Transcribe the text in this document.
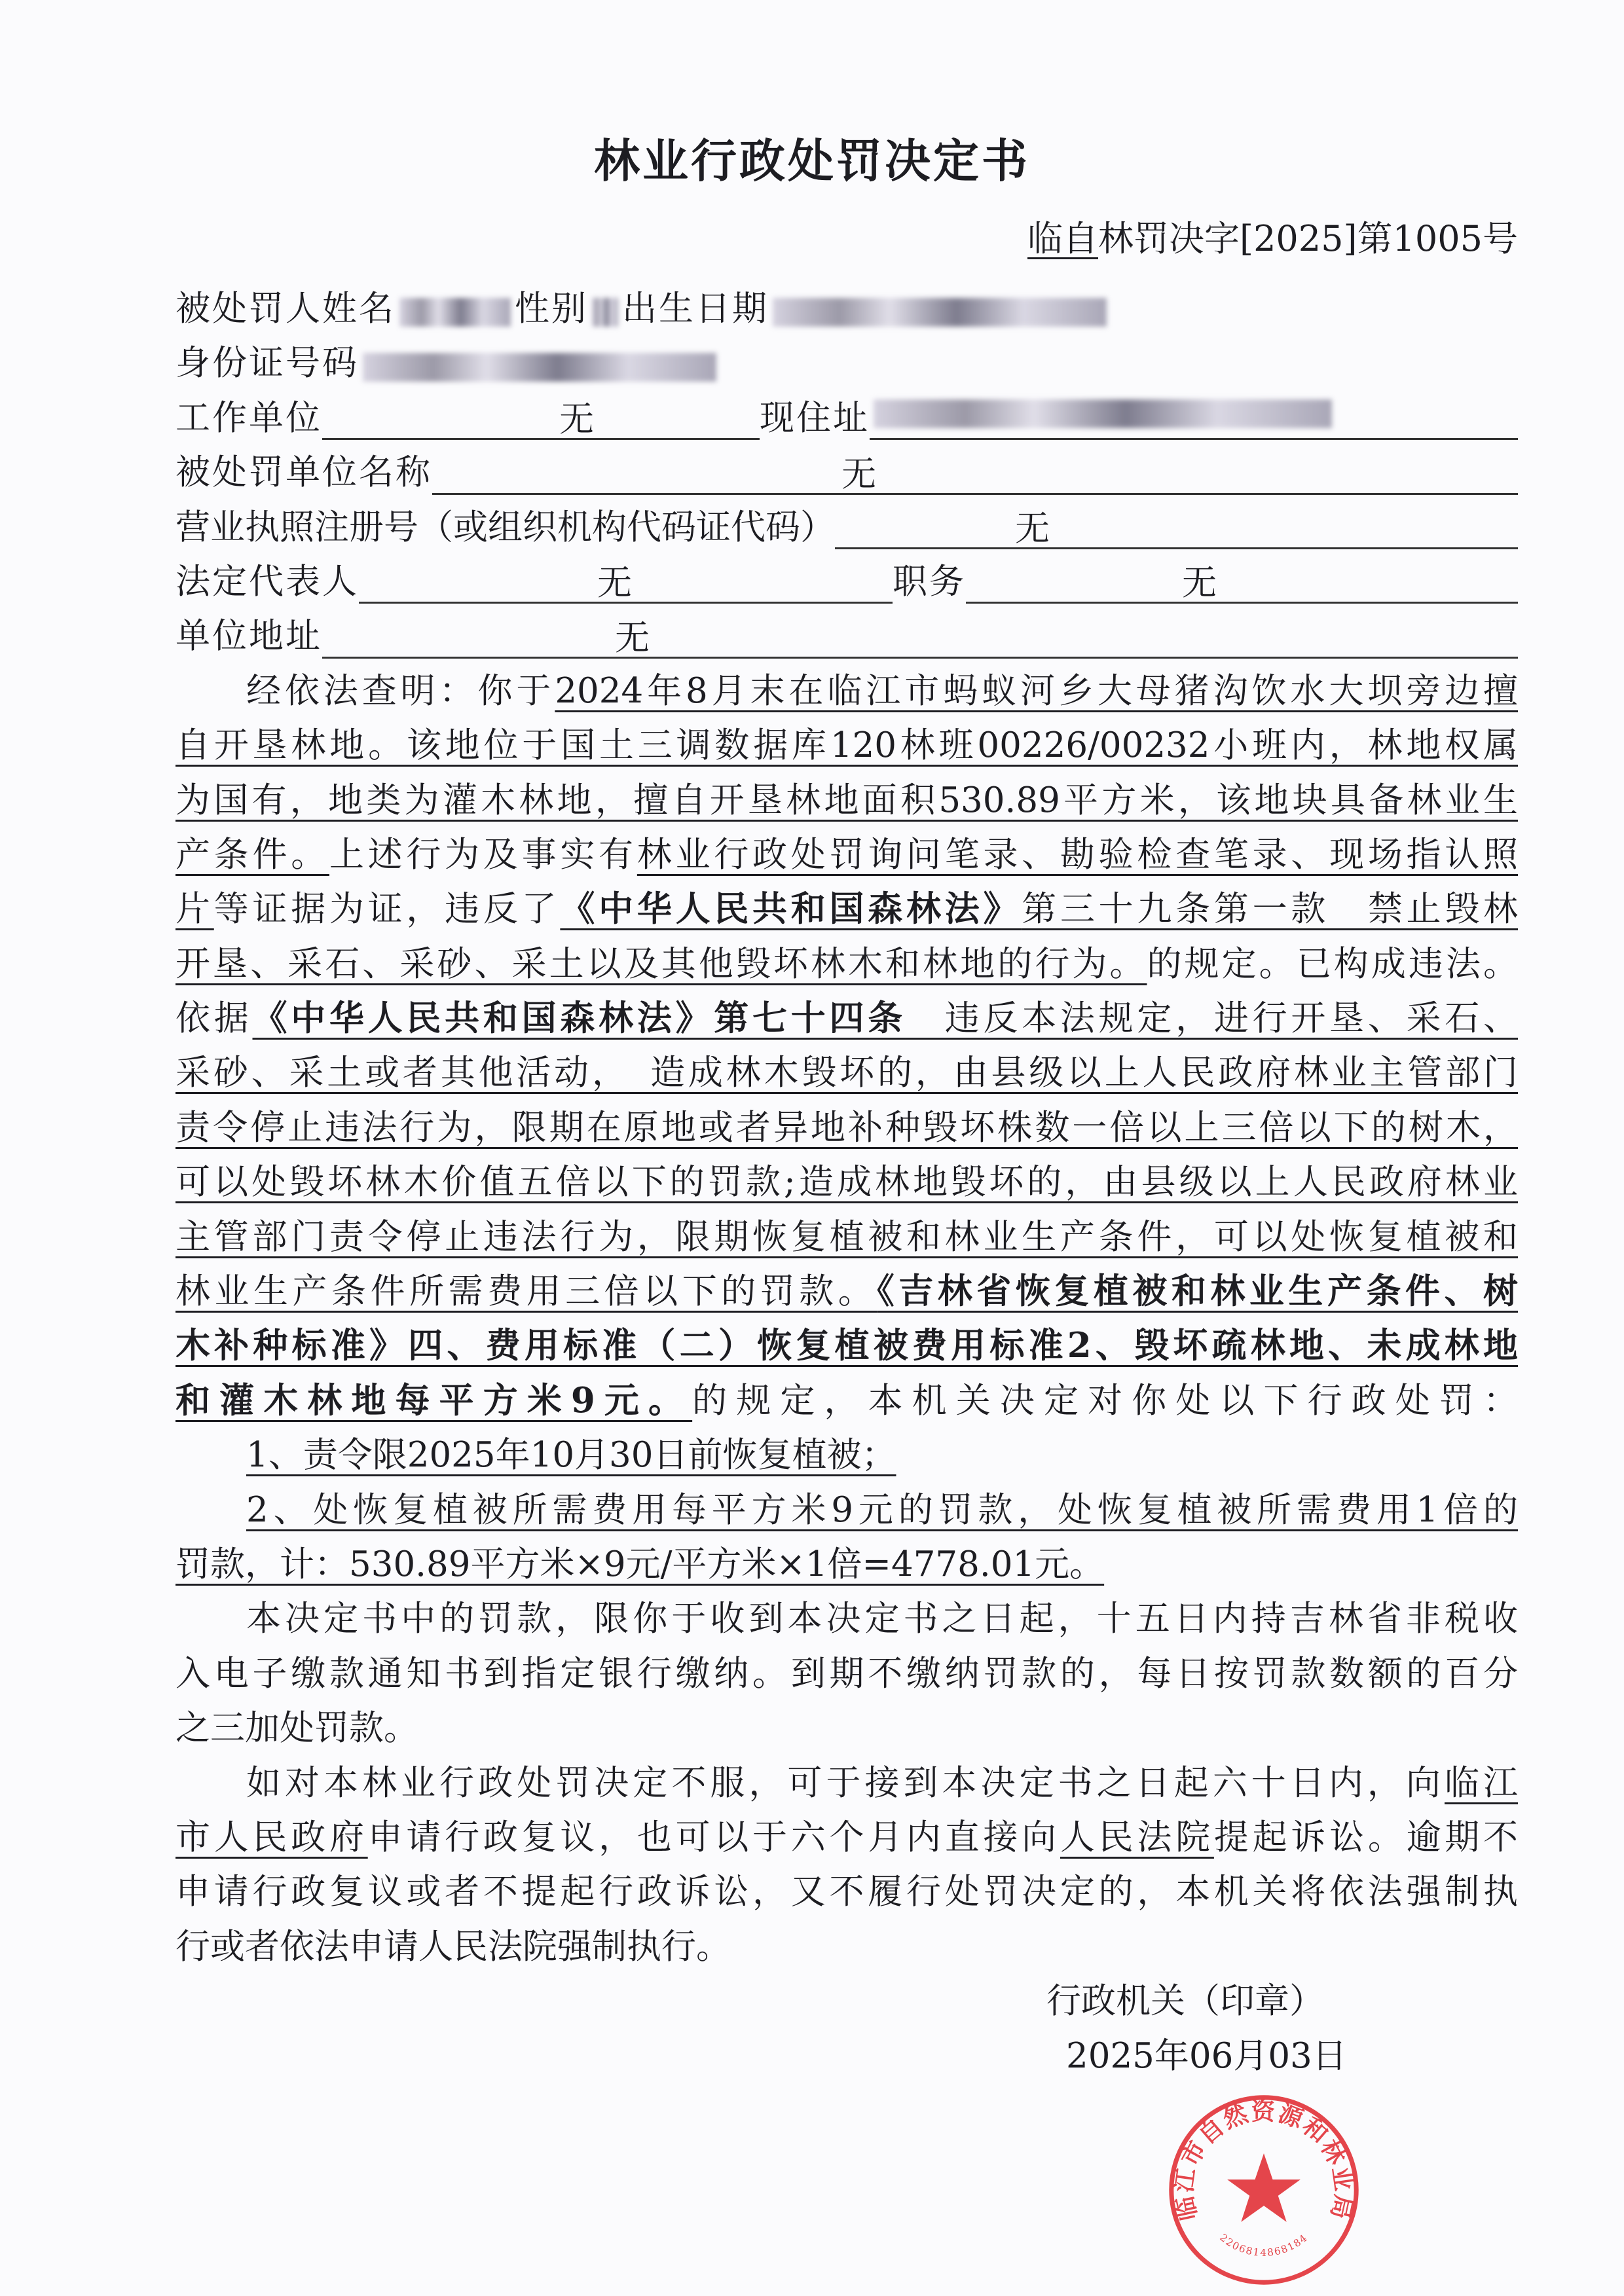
林业行政处罚决定书
临自林罚决字[2025]第1005号
被处罚人姓名	性别 出生日期
身份证号码
工作单位	无	现住址
被处罚单位名称	无
营业执照注册号（或组织机构代码证代码）	无
法定代表人	无	职务	无
单位地址	无
经依法查明：你于2024年8月末在临江市蚂蚁河乡大母猪沟饮水大坝旁边擅
自开垦林地。该地位于国土三调数据库120林班00226/00232小班内，林地权属
为国有，地类为灌木林地，擅自开垦林地面积530.89平方米，该地块具备林业生
产条件。上述行为及事实有林业行政处罚询问笔录、勘验检查笔录、现场指认照
片等证据为证，违反了《中华人民共和国森林法》第三十九条第一款　禁止毁林
开垦、采石、采砂、采土以及其他毁坏林木和林地的行为。的规定。已构成违法。
依据《中华人民共和国森林法》第七十四条　违反本法规定，进行开垦、采石、
采砂、采土或者其他活动，　造成林木毁坏的，由县级以上人民政府林业主管部门
责令停止违法行为，限期在原地或者异地补种毁坏株数一倍以上三倍以下的树木，
可以处毁坏林木价值五倍以下的罚款;造成林地毁坏的，由县级以上人民政府林业
主管部门责令停止违法行为，限期恢复植被和林业生产条件，可以处恢复植被和
林业生产条件所需费用三倍以下的罚款。《吉林省恢复植被和林业生产条件、树
木补种标准》四、费用标准（二）恢复植被费用标准2、毁坏疏林地、未成林地
和灌木林地每平方米9元。的规定，本机关决定对你处以下行政处罚：
1、责令限2025年10月30日前恢复植被；
2、处恢复植被所需费用每平方米9元的罚款，处恢复植被所需费用1倍的
罚款，计：530.89平方米×9元/平方米×1倍=4778.01元。
本决定书中的罚款，限你于收到本决定书之日起，十五日内持吉林省非税收
入电子缴款通知书到指定银行缴纳。到期不缴纳罚款的，每日按罚款数额的百分
之三加处罚款。
如对本林业行政处罚决定不服，可于接到本决定书之日起六十日内，向临江
市人民政府申请行政复议，也可以于六个月内直接向人民法院提起诉讼。逾期不
申请行政复议或者不提起行政诉讼，又不履行处罚决定的，本机关将依法强制执
行或者依法申请人民法院强制执行。
行政机关（印章）
2025年06月03日
临江市自然资源和林业局
2206814868184
